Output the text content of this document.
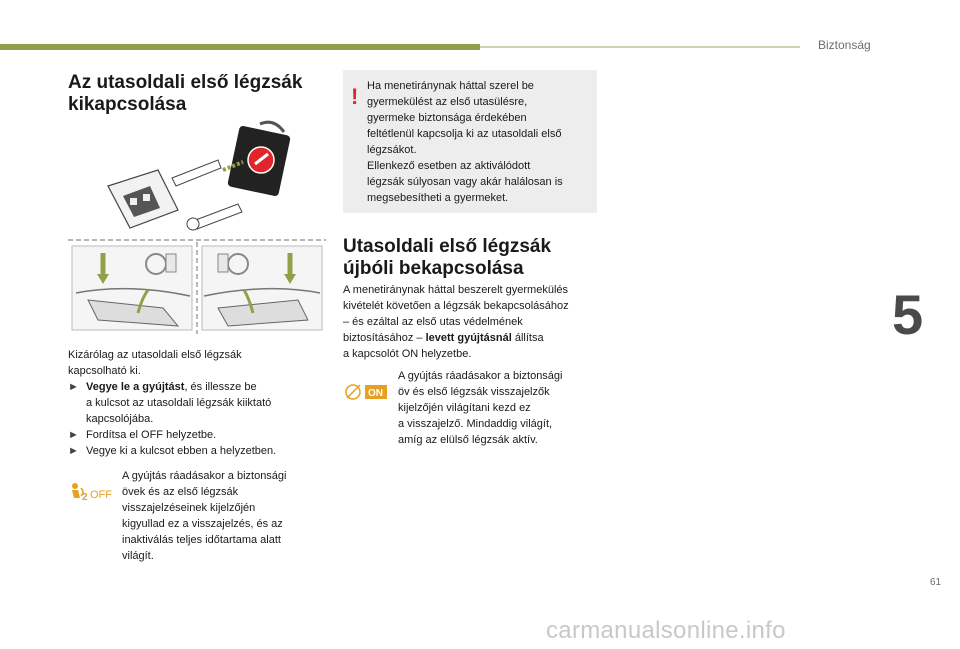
Biztonság
5
61
Az utasoldali első légzsák
kikapcsolása

Kizárólag az utasoldali első légzsák

kapcsolható ki.

► Vegye le a gyújtást, és illessze be
a kulcsot az utasoldali légzsák kiiktató
kapcsolójába.
► Fordítsa el OFF helyzetbe.
► Vegye ki a kulcsot ebben a helyzetben.
2 OFF
A gyújtás ráadásakor a biztonsági
övek és az első légzsák
visszajelzéseinek kijelzőjén
kigyullad ez a visszajelzés, és az
inaktiválás teljes időtartama alatt
világít.
! Ha menetiránynak háttal szerel be
gyermekülést az első utasülésre,
gyermeke biztonsága érdekében
feltétlenül kapcsolja ki az utasoldali első
légzsákot.
Ellenkező esetben az aktiválódott
légzsák súlyosan vagy akár halálosan is
megsebesítheti a gyermeket.
Utasoldali első légzsák
újbóli bekapcsolása
A menetiránynak háttal beszerelt gyermekülés
kivételét követően a légzsák bekapcsolásához
– és ezáltal az első utas védelmének
biztosításához – levett gyújtásnál állítsa
a kapcsolót ON helyzetbe.
ON
A gyújtás ráadásakor a biztonsági
öv és első légzsák visszajelzők
kijelzőjén világítani kezd ez
a visszajelző. Mindaddig világít,
amíg az elülső légzsák aktív.
carmanualsonline.info
